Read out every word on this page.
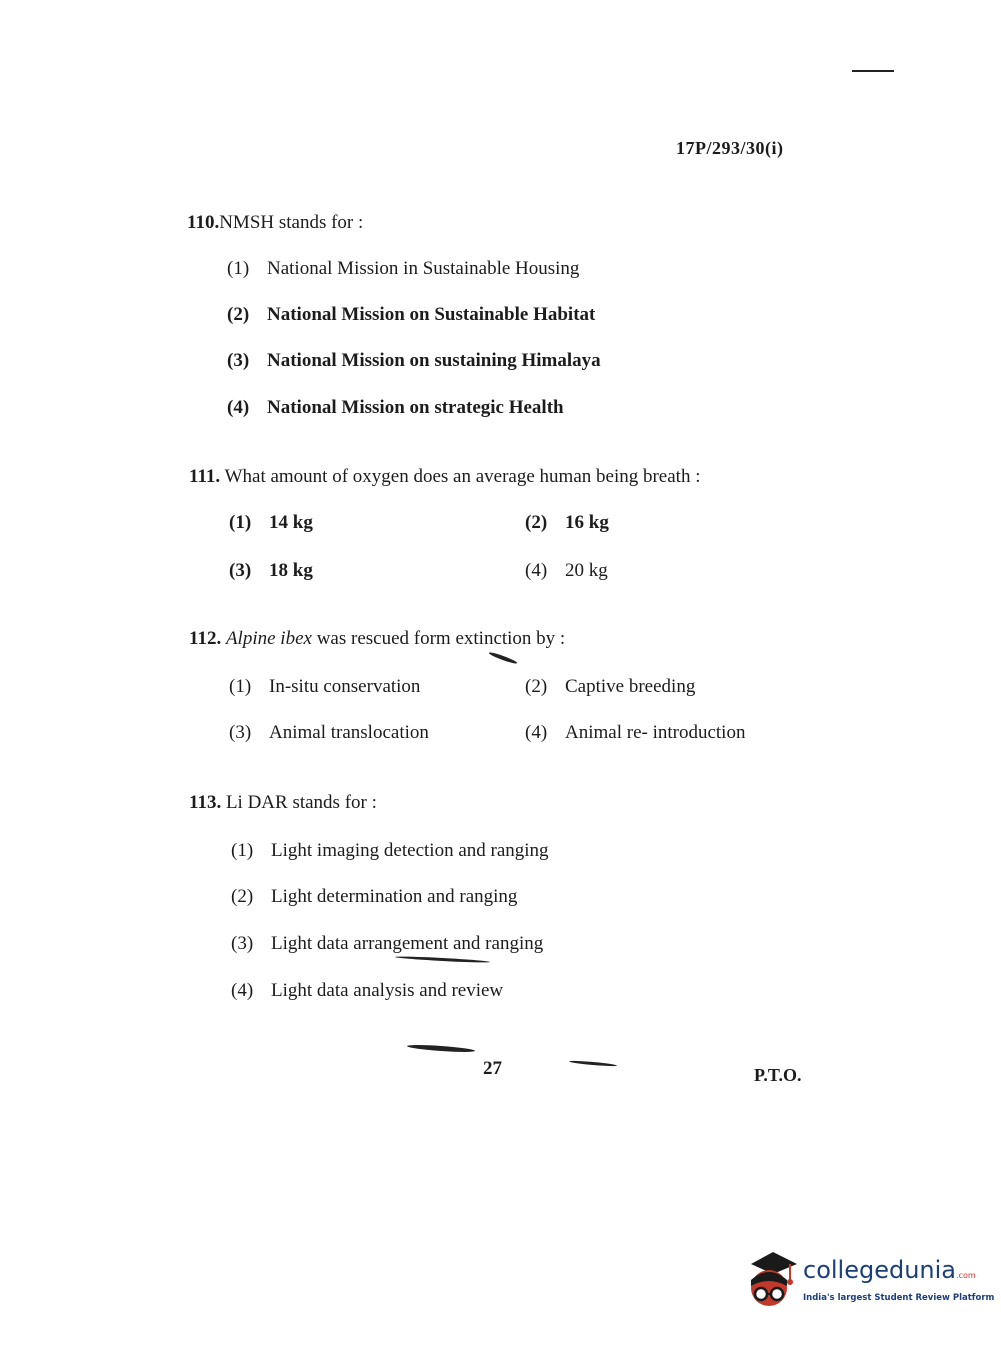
17P/293/30(i)
110.NMSH stands for :
(1) National Mission in Sustainable Housing
(2) National Mission on Sustainable Habitat
(3) National Mission on sustaining Himalaya
(4) National Mission on strategic Health
111. What amount of oxygen does an average human being breath :
(1) 14 kg	(2) 16 kg
(3) 18 kg	(4) 20 kg
112. Alpine ibex was rescued form extinction by :
(1) In-situ conservation	(2) Captive breeding
(3) Animal translocation	(4) Animal re- introduction
113. Li DAR stands for :
(1) Light imaging detection and ranging
(2) Light determination and ranging
(3) Light data arrangement and ranging
(4) Light data analysis and review
27	P.T.O.
collegedunia.com
India's largest Student Review Platform
